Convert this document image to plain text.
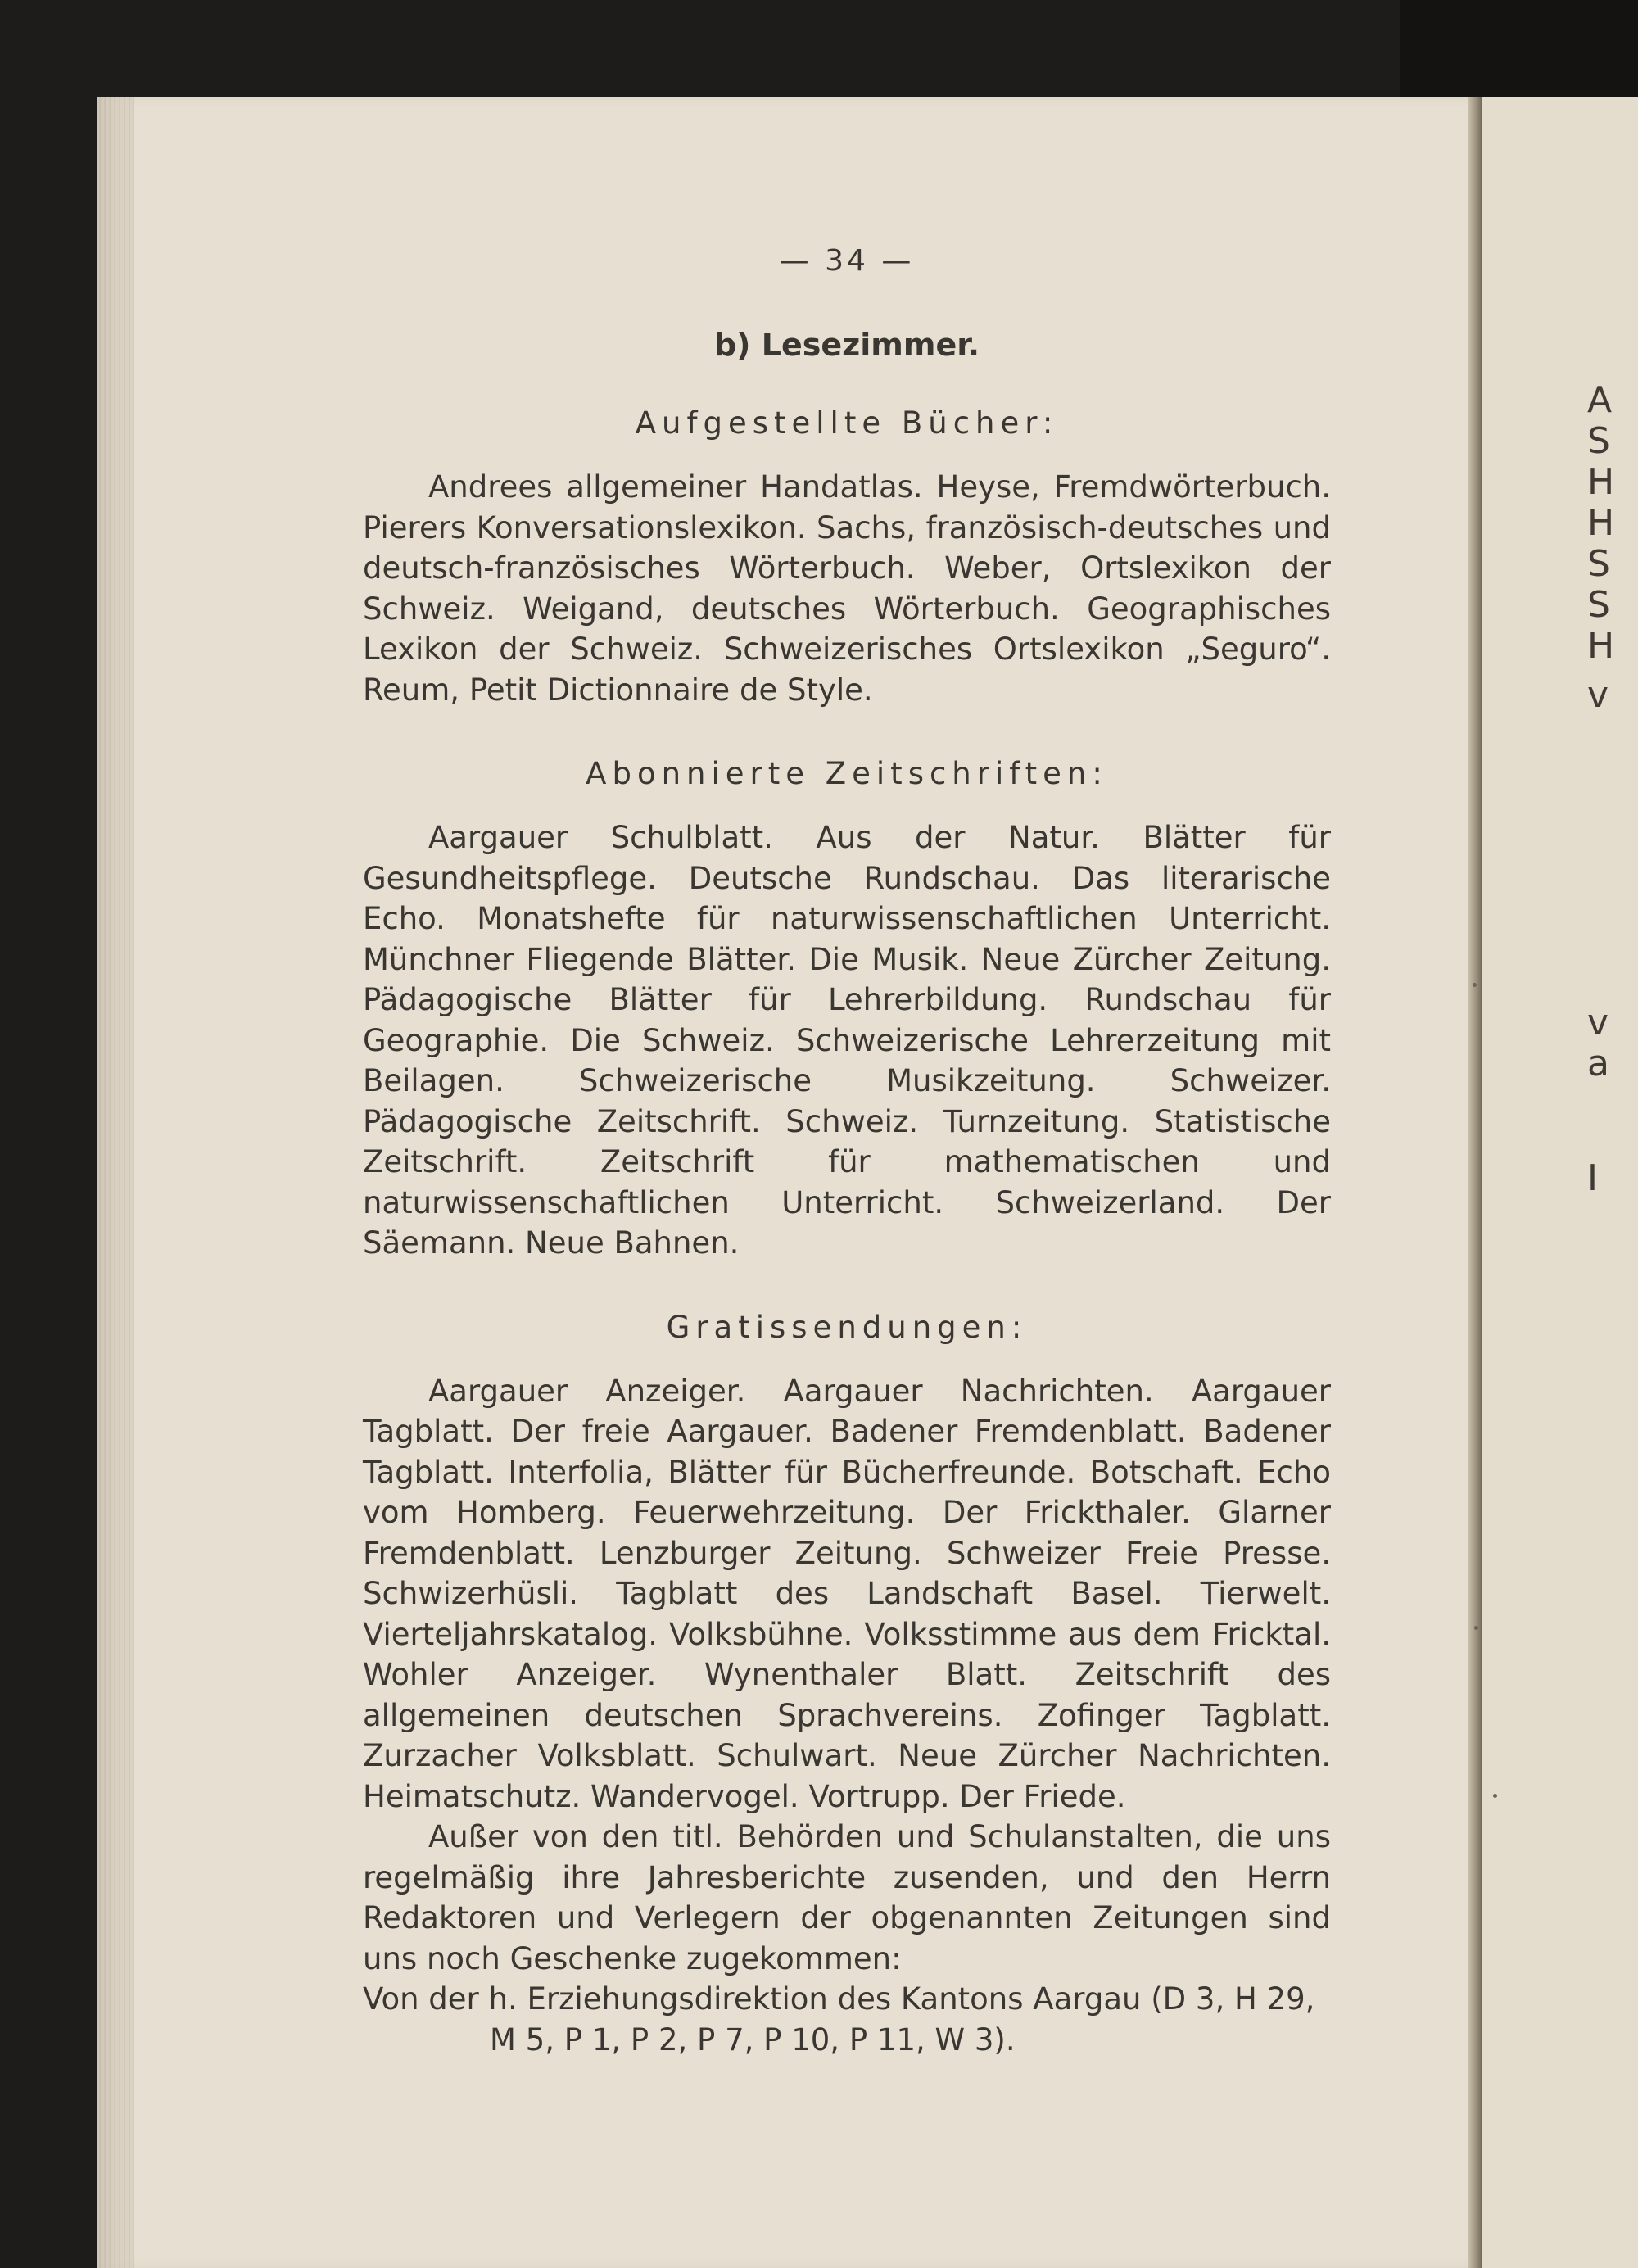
A
S
H
H
S
S
H
v
v
a
I
— 34 —
b) Lesezimmer.
Aufgestellte Bücher:

Andrees allgemeiner Handatlas. Heyse, Fremdwörterbuch. Pierers Konversationslexikon. Sachs, französisch-deutsches und deutsch-französisches Wörterbuch. Weber, Ortslexikon der Schweiz. Weigand, deutsches Wörterbuch. Geographisches Lexikon der Schweiz. Schweizerisches Ortslexikon „Seguro“. Reum, Petit Dictionnaire de Style.

Abonnierte Zeitschriften:

Aargauer Schulblatt. Aus der Natur. Blätter für Gesundheitspflege. Deutsche Rundschau. Das literarische Echo. Monatshefte für naturwissenschaftlichen Unterricht. Münchner Fliegende Blätter. Die Musik. Neue Zürcher Zeitung. Pädagogische Blätter für Lehrerbildung. Rundschau für Geographie. Die Schweiz. Schweizerische Lehrerzeitung mit Beilagen. Schweizerische Musikzeitung. Schweizer. Pädagogische Zeitschrift. Schweiz. Turnzeitung. Statistische Zeitschrift. Zeitschrift für mathematischen und naturwissenschaftlichen Unterricht. Schweizerland. Der Säemann. Neue Bahnen.

Gratissendungen:

Aargauer Anzeiger. Aargauer Nachrichten. Aargauer Tagblatt. Der freie Aargauer. Badener Fremdenblatt. Badener Tagblatt. Interfolia, Blätter für Bücherfreunde. Botschaft. Echo vom Homberg. Feuerwehrzeitung. Der Frickthaler. Glarner Fremdenblatt. Lenzburger Zeitung. Schweizer Freie Presse. Schwizerhüsli. Tagblatt des Landschaft Basel. Tierwelt. Vierteljahrskatalog. Volksbühne. Volksstimme aus dem Fricktal. Wohler Anzeiger. Wynenthaler Blatt. Zeitschrift des allgemeinen deutschen Sprachvereins. Zofinger Tagblatt. Zurzacher Volksblatt. Schulwart. Neue Zürcher Nachrichten. Heimatschutz. Wandervogel. Vortrupp. Der Friede.

Außer von den titl. Behörden und Schulanstalten, die uns regelmäßig ihre Jahresberichte zusenden, und den Herrn Redaktoren und Verlegern der obgenannten Zeitungen sind uns noch Geschenke zugekommen:

Von der h. Erziehungsdirektion des Kantons Aargau (D 3, H 29,

M 5, P 1, P 2, P 7, P 10, P 11, W 3).
